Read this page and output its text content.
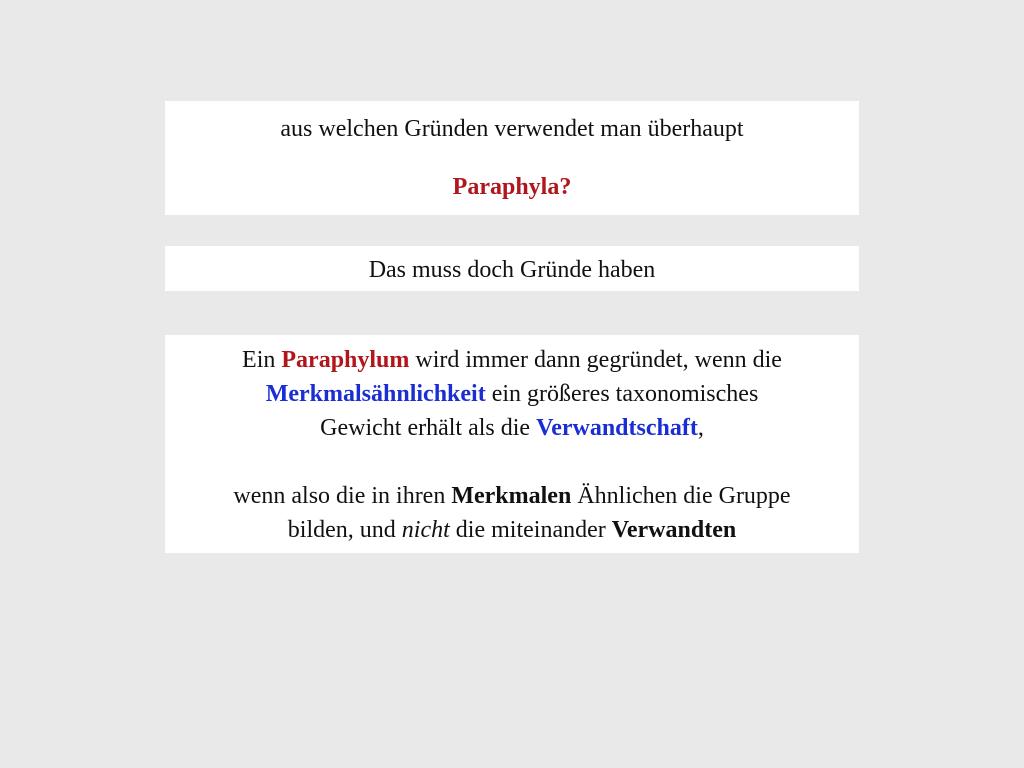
aus welchen Gründen verwendet man überhaupt
Paraphyla?
Das muss doch Gründe haben
Ein Paraphylum wird immer dann gegründet, wenn die
Merkmalsähnlichkeit ein größeres taxonomisches
Gewicht erhält als die Verwandtschaft,
wenn also die in ihren Merkmalen Ähnlichen die Gruppe
bilden, und nicht die miteinander Verwandten
